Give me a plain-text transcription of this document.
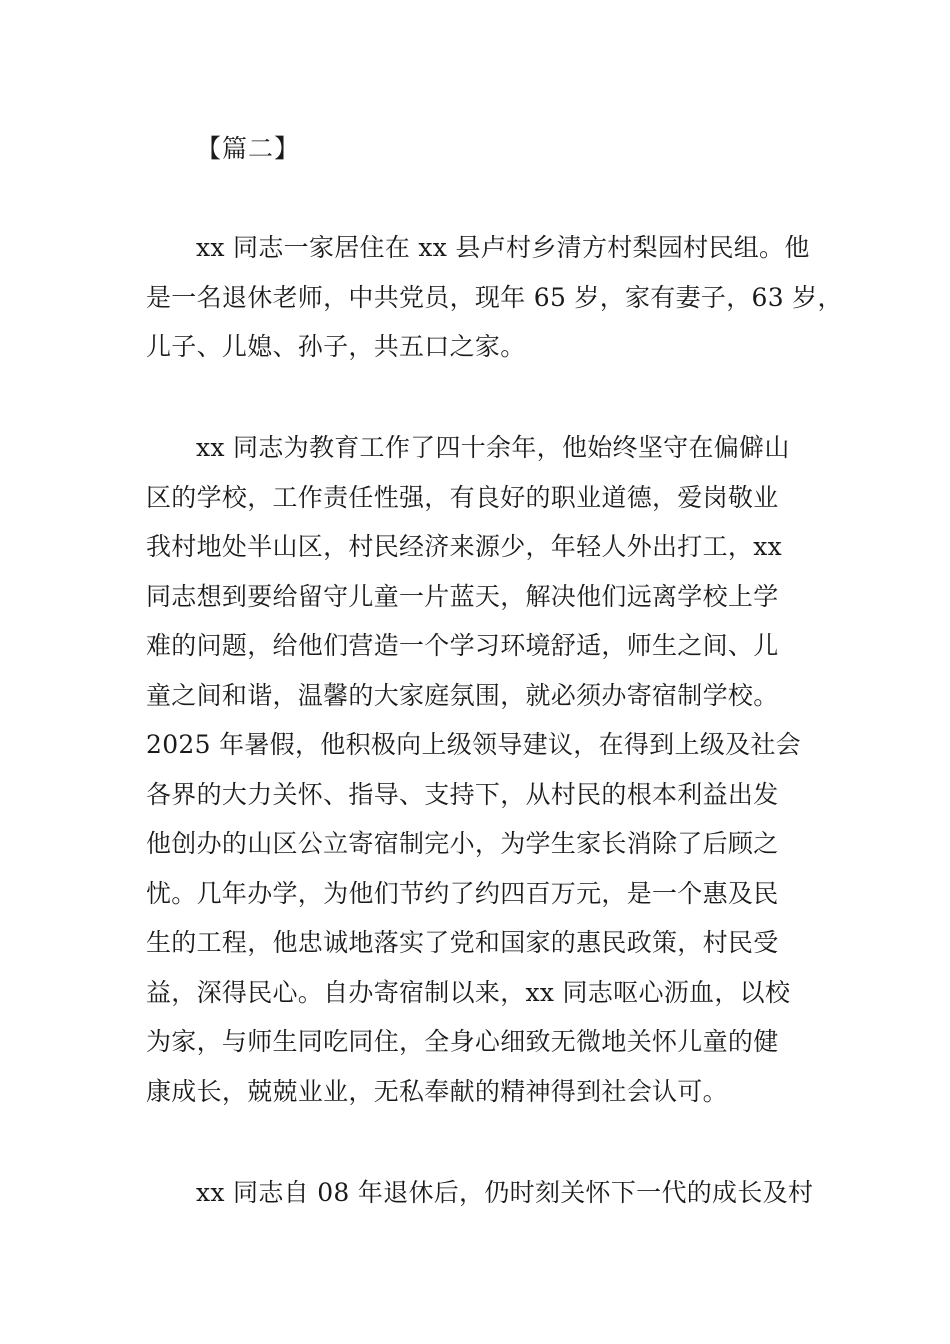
【篇二】
xx 同志一家居住在 xx 县卢村乡清方村梨园村民组。他
是一名退休老师，中共党员，现年 65 岁，家有妻子，63 岁，
儿子、儿媳、孙子，共五口之家。
xx 同志为教育工作了四十余年，他始终坚守在偏僻山
区的学校，工作责任性强，有良好的职业道德，爱岗敬业
我村地处半山区，村民经济来源少，年轻人外出打工，xx
同志想到要给留守儿童一片蓝天，解决他们远离学校上学
难的问题，给他们营造一个学习环境舒适，师生之间、儿
童之间和谐，温馨的大家庭氛围，就必须办寄宿制学校。
2025 年暑假，他积极向上级领导建议，在得到上级及社会
各界的大力关怀、指导、支持下，从村民的根本利益出发
他创办的山区公立寄宿制完小，为学生家长消除了后顾之
忧。几年办学，为他们节约了约四百万元，是一个惠及民
生的工程，他忠诚地落实了党和国家的惠民政策，村民受
益，深得民心。自办寄宿制以来，xx 同志呕心沥血，以校
为家，与师生同吃同住，全身心细致无微地关怀儿童的健
康成长，兢兢业业，无私奉献的精神得到社会认可。
xx 同志自 08 年退休后，仍时刻关怀下一代的成长及村
